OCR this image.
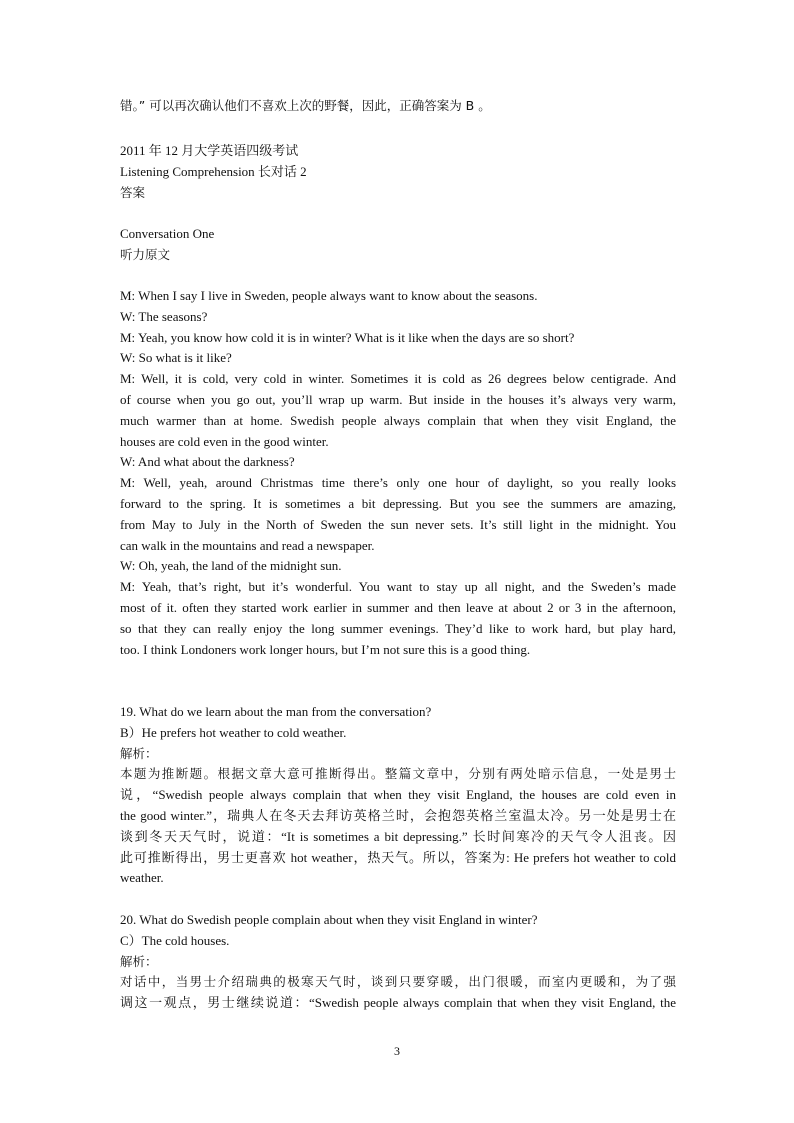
错。” 可以再次确认他们不喜欢上次的野餐，因此，正确答案为 B 。
2011 年 12 月大学英语四级考试
Listening Comprehension 长对话 2
答案
Conversation One
听力原文
M: When I say I live in Sweden, people always want to know about the seasons.
W: The seasons?
M: Yeah, you know how cold it is in winter? What is it like when the days are so short?
W: So what is it like?
M: Well, it is cold, very cold in winter. Sometimes it is cold as 26 degrees below centigrade. And
of course when you go out, you’ll wrap up warm. But inside in the houses it’s always very warm,
much warmer than at home. Swedish people always complain that when they visit England, the
houses are cold even in the good winter.
W: And what about the darkness?
M: Well, yeah, around Christmas time there’s only one hour of daylight, so you really looks
forward to the spring. It is sometimes a bit depressing. But you see the summers are amazing,
from May to July in the North of Sweden the sun never sets. It’s still light in the midnight. You
can walk in the mountains and read a newspaper.
W: Oh, yeah, the land of the midnight sun.
M: Yeah, that’s right, but it’s wonderful. You want to stay up all night, and the Sweden’s made
most of it. often they started work earlier in summer and then leave at about 2 or 3 in the afternoon,
so that they can really enjoy the long summer evenings. They’d like to work hard, but play hard,
too. I think Londoners work longer hours, but I’m not sure this is a good thing.
19. What do we learn about the man from the conversation?
B）He prefers hot weather to cold weather.
解析：
本题为推断题。根据文章大意可推断得出。整篇文章中，分别有两处暗示信息，一处是男士
说，“Swedish people always complain that when they visit England, the houses are cold even in
the good winter.”，瑞典人在冬天去拜访英格兰时，会抱怨英格兰室温太冷。另一处是男士在
谈到冬天天气时，说道：“It is sometimes a bit depressing.” 长时间寒冷的天气令人沮丧。因
此可推断得出，男士更喜欢 hot weather，热天气。所以，答案为: He prefers hot weather to cold
weather.
20. What do Swedish people complain about when they visit England in winter?
C）The cold houses.
解析：
对话中，当男士介绍瑞典的极寒天气时，谈到只要穿暖，出门很暖，而室内更暖和，为了强
调这一观点，男士继续说道：“Swedish people always complain that when they visit England, the
3
